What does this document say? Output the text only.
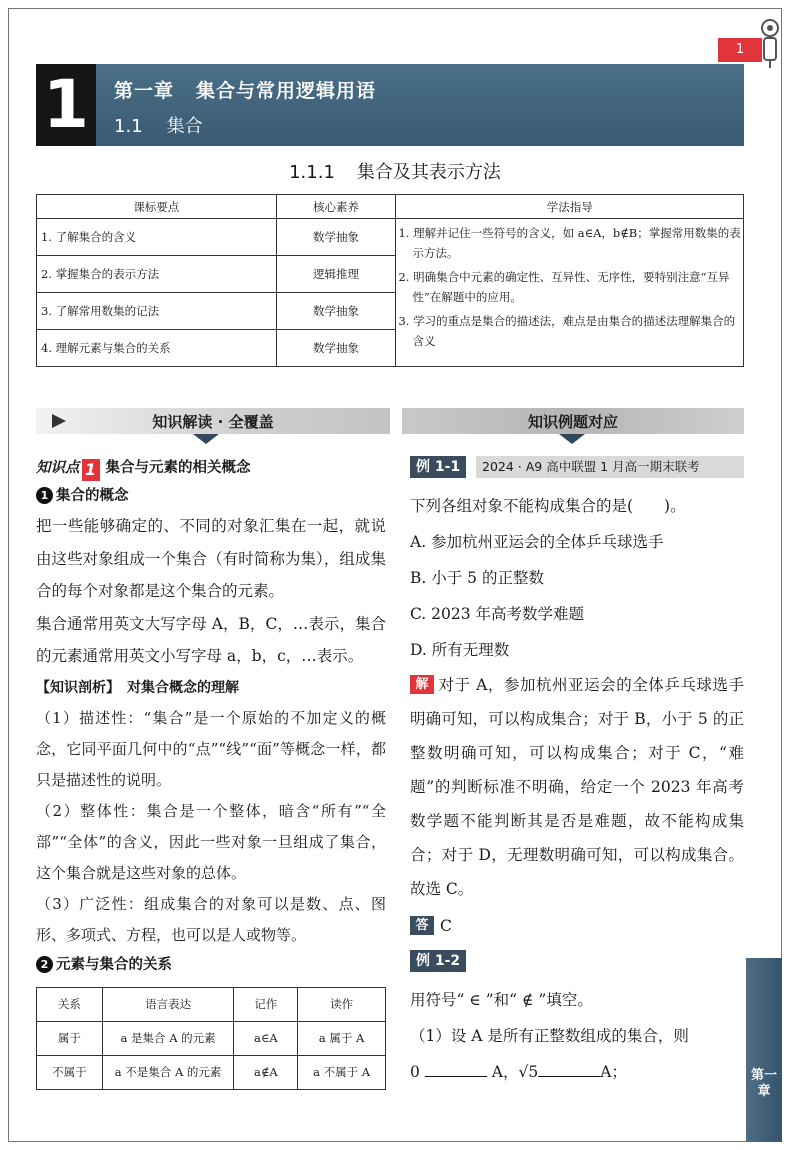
1
1	第一章 集合与常用逻辑用语
1.1 集合
1.1.1 集合及其表示方法
课标要点	核心素养	学法指导
1. 了解集合的含义	数学抽象	1. 理解并记住一些符号的含义，如 a∈A，b∉B；掌握常用数集的表示方法。
2. 明确集合中元素的确定性、互异性、无序性，要特别注意“互异性”在解题中的应用。
3. 学习的重点是集合的描述法，难点是由集合的描述法理解集合的含义

2. 掌握集合的表示方法	逻辑推理	
3. 了解常用数集的记法	数学抽象	
4. 理解元素与集合的关系	数学抽象	
知识解读 · 全覆盖	知识例题对应
知识点 1 集合与元素的相关概念
1 集合的概念
把一些能够确定的、不同的对象汇集在一起，就说由这些对象组成一个集合（有时简称为集），组成集合的每个对象都是这个集合的元素。
集合通常用英文大写字母 A，B，C，…表示，集合的元素通常用英文小写字母 a，b，c，…表示。
【知识剖析】　对集合概念的理解
（1）描述性：“集合”是一个原始的不加定义的概念，它同平面几何中的“点”“线”“面”等概念一样，都只是描述性的说明。
（2）整体性：集合是一个整体，暗含“所有”“全部”“全体”的含义，因此一些对象一旦组成了集合，这个集合就是这些对象的总体。
（3）广泛性：组成集合的对象可以是数、点、图形、多项式、方程，也可以是人或物等。
2 元素与集合的关系
关系	语言表达	记作	读作
属于	a 是集合 A 的元素	a∈A	a 属于 A
不属于	a 不是集合 A 的元素	a∉A	a 不属于 A
例 1-1	2024 · A9 高中联盟 1 月高一期末联考
下列各组对象不能构成集合的是(　　)。
A. 参加杭州亚运会的全体乒乓球选手
B. 小于 5 的正整数
C. 2023 年高考数学难题
D. 所有无理数
解 对于 A，参加杭州亚运会的全体乒乓球选手明确可知，可以构成集合；对于 B，小于 5 的正整数明确可知，可以构成集合；对于 C，“难题”的判断标准不明确，给定一个 2023 年高考数学题不能判断其是否是难题，故不能构成集合；对于 D，无理数明确可知，可以构成集合。故选 C。
答 C
例 1-2
用符号“ ∈ ”和“ ∉ ”填空。
（1）设 A 是所有正整数组成的集合，则
0	A，√5	A；	第一章
